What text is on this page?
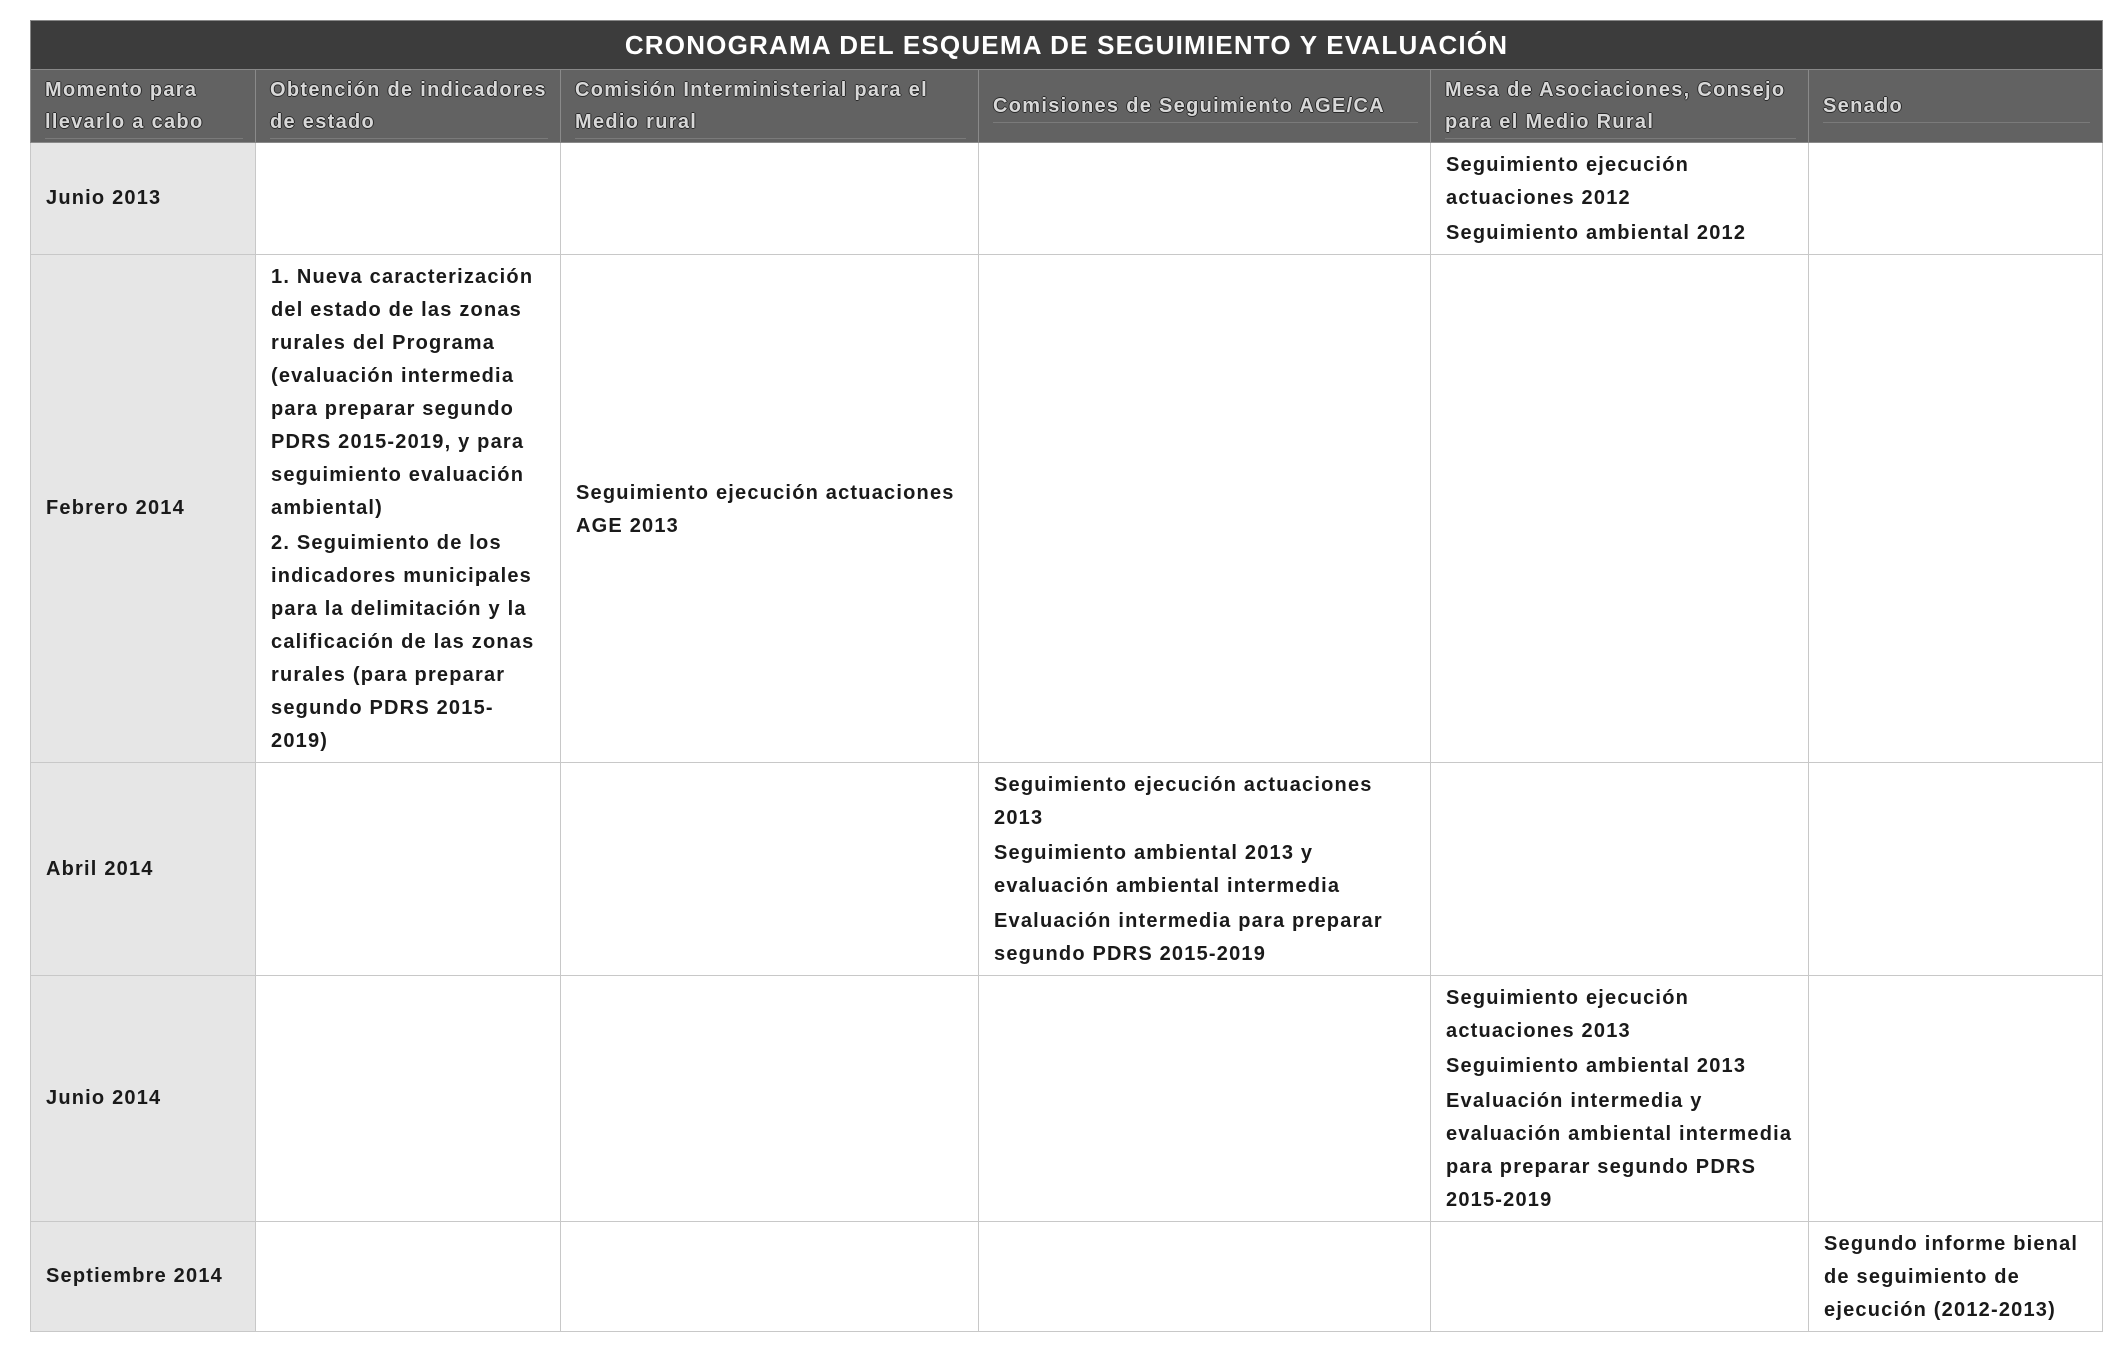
CRONOGRAMA DEL ESQUEMA DE SEGUIMIENTO Y EVALUACIÓN					

Momento para llevarlo a cabo	Obtención de indicadores de estado	Comisión Interministerial para el Medio rural	Comisiones de Seguimiento AGE/CA	Mesa de Asociaciones, Consejo para el Medio Rural	Senado

Junio 2013				Seguimiento ejecución actuaciones 2012

Seguimiento ambiental 2012	

Febrero 2014	1. Nueva caracterización del estado de las zonas rurales del Programa (evaluación intermedia para preparar segundo PDRS 2015-2019, y para seguimiento evaluación ambiental)

2. Seguimiento de los indicadores municipales para la delimitación y la calificación de las zonas rurales (para preparar segundo PDRS 2015-2019)	Seguimiento ejecución actuaciones AGE 2013			

Abril 2014			Seguimiento ejecución actuaciones 2013

Seguimiento ambiental 2013 y evaluación ambiental intermedia

Evaluación intermedia para preparar segundo PDRS 2015-2019		

Junio 2014				Seguimiento ejecución actuaciones 2013

Seguimiento ambiental 2013

Evaluación intermedia y evaluación ambiental intermedia para preparar segundo PDRS 2015-2019	

Septiembre 2014					Segundo informe bienal de seguimiento de ejecución (2012-2013)
